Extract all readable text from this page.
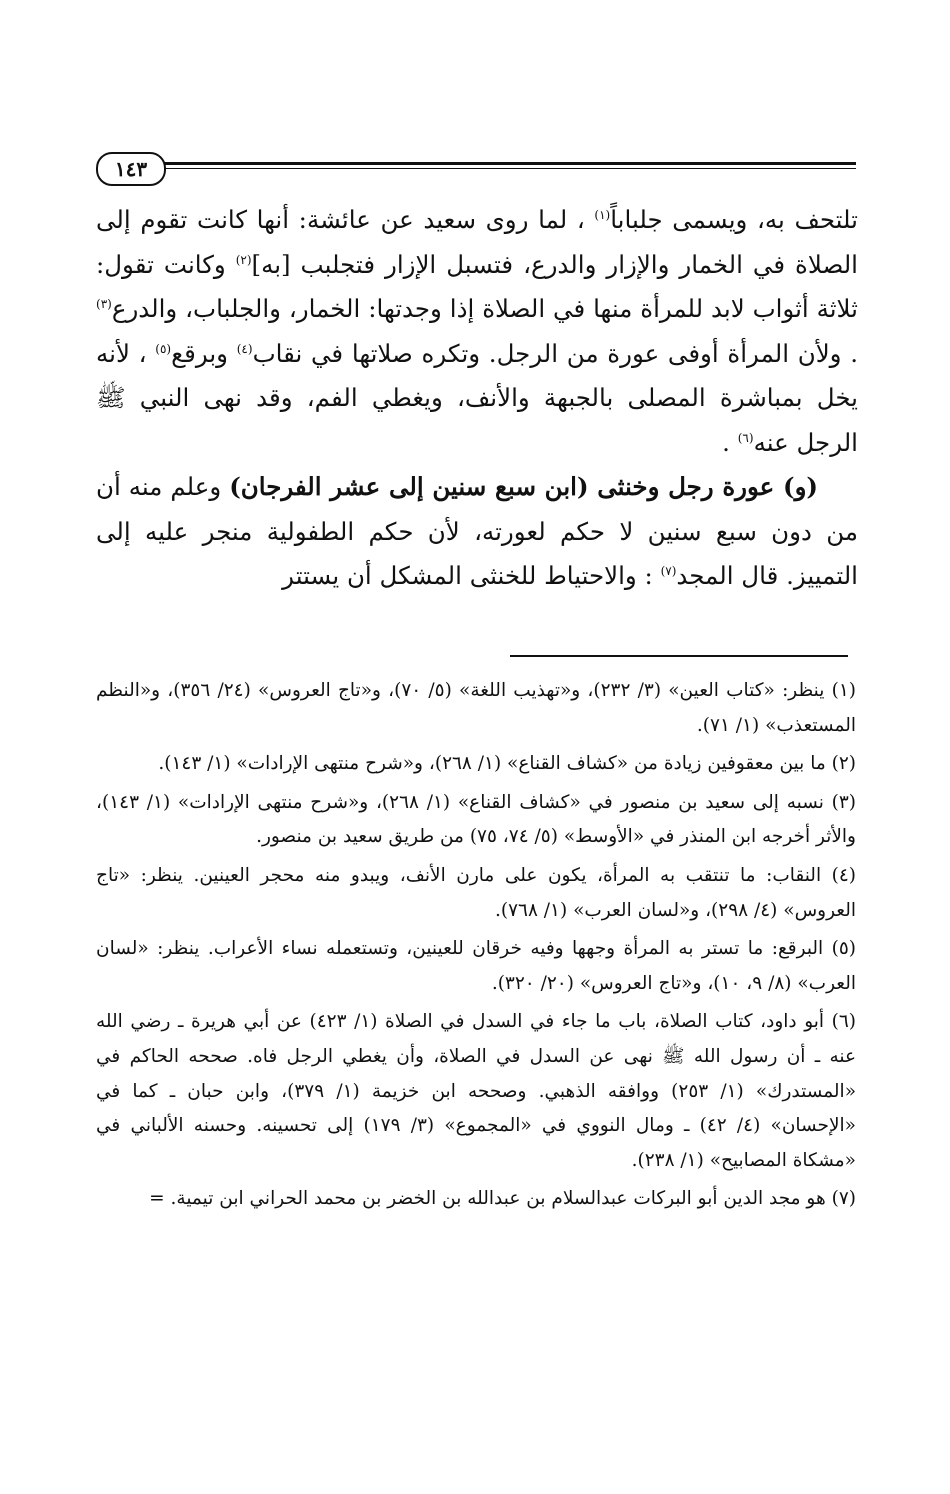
١٤٣

تلتحف به، ويسمى جلباباً$^{(١)}$ ، لما روى سعيد عن عائشة: أنها كانت تقوم إلى الصلاة في الخمار والإزار والدرع، فتسبل الإزار فتجلبب [به]$^{(٢)}$ وكانت تقول: ثلاثة أثواب لابد للمرأة منها في الصلاة إذا وجدتها: الخمار، والجلباب، والدرع$^{(٣)}$ . ولأن المرأة أوفى عورة من الرجل. وتكره صلاتها في نقاب$^{(٤)}$ وبرقع$^{(٥)}$ ، لأنه يخل بمباشرة المصلى بالجبهة والأنف، ويغطي الفم، وقد نهى النبي ﷺ الرجل عنه$^{(٦)}$ .

(و) عورة رجل وخنثى (ابن سبع سنين إلى عشر الفرجان) وعلم منه أن من دون سبع سنين لا حكم لعورته، لأن حكم الطفولية منجر عليه إلى التمييز. قال المجد$^{(٧)}$ : والاحتياط للخنثى المشكل أن يستتر

(١) ينظر: «كتاب العين» (٣/ ٢٣٢)، و«تهذيب اللغة» (٥/ ٧٠)، و«تاج العروس» (٢٤/ ٣٥٦)، و«النظم المستعذب» (١/ ٧١).

(٢) ما بين معقوفين زيادة من «كشاف القناع» (١/ ٢٦٨)، و«شرح منتهى الإرادات» (١/ ١٤٣).

(٣) نسبه إلى سعيد بن منصور في «كشاف القناع» (١/ ٢٦٨)، و«شرح منتهى الإرادات» (١/ ١٤٣)، والأثر أخرجه ابن المنذر في «الأوسط» (٥/ ٧٤، ٧٥) من طريق سعيد بن منصور.

(٤) النقاب: ما تنتقب به المرأة، يكون على مارن الأنف، ويبدو منه محجر العينين. ينظر: «تاج العروس» (٤/ ٢٩٨)، و«لسان العرب» (١/ ٧٦٨).

(٥) البرقع: ما تستر به المرأة وجهها وفيه خرقان للعينين، وتستعمله نساء الأعراب. ينظر: «لسان العرب» (٨/ ٩، ١٠)، و«تاج العروس» (٢٠/ ٣٢٠).

(٦) أبو داود، كتاب الصلاة، باب ما جاء في السدل في الصلاة (١/ ٤٢٣) عن أبي هريرة ـ رضي الله عنه ـ أن رسول الله ﷺ نهى عن السدل في الصلاة، وأن يغطي الرجل فاه. صححه الحاكم في «المستدرك» (١/ ٢٥٣) ووافقه الذهبي. وصححه ابن خزيمة (١/ ٣٧٩)، وابن حبان ـ كما في «الإحسان» (٤/ ٤٢) ـ ومال النووي في «المجموع» (٣/ ١٧٩) إلى تحسينه. وحسنه الألباني في «مشكاة المصابيح» (١/ ٢٣٨).

(٧) هو مجد الدين أبو البركات عبدالسلام بن عبدالله بن الخضر بن محمد الحراني ابن تيمية. =
